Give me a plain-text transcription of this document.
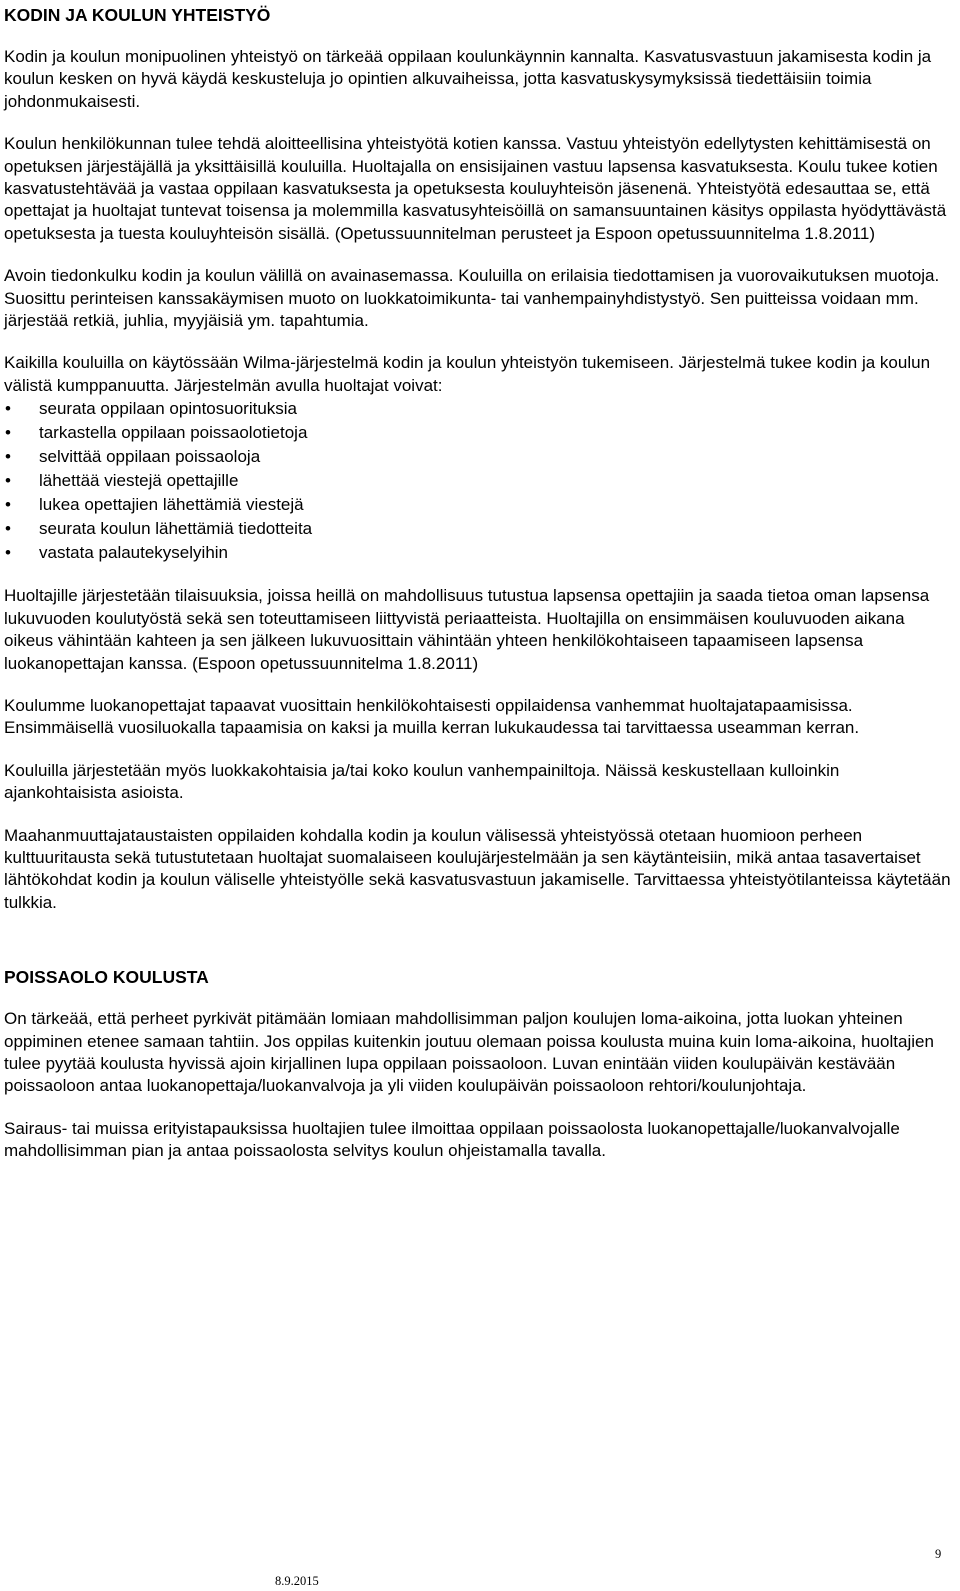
KODIN JA KOULUN YHTEISTYÖ

Kodin ja koulun monipuolinen yhteistyö on tärkeää oppilaan koulunkäynnin kannalta. Kasvatusvastuun jakamisesta kodin ja koulun kesken on hyvä käydä keskusteluja jo opintien alkuvaiheissa, jotta kasvatuskysymyksissä tiedettäisiin toimia johdonmukaisesti.

Koulun henkilökunnan tulee tehdä aloitteellisina yhteistyötä kotien kanssa. Vastuu yhteistyön edellytysten kehittämisestä on opetuksen järjestäjällä ja yksittäisillä kouluilla. Huoltajalla on ensisijainen vastuu lapsensa kasvatuksesta. Koulu tukee kotien kasvatustehtävää ja vastaa oppilaan kasvatuksesta ja opetuksesta kouluyhteisön jäsenenä. Yhteistyötä edesauttaa se, että opettajat ja huoltajat tuntevat toisensa ja molemmilla kasvatusyhteisöillä on samansuuntainen käsitys oppilasta hyödyttävästä opetuksesta ja tuesta kouluyhteisön sisällä. (Opetussuunnitelman perusteet ja Espoon opetussuunnitelma 1.8.2011)

Avoin tiedonkulku kodin ja koulun välillä on avainasemassa. Kouluilla on erilaisia tiedottamisen ja vuorovaikutuksen muotoja. Suosittu perinteisen kanssakäymisen muoto on luokkatoimikunta- tai vanhempainyhdistystyö. Sen puitteissa voidaan mm. järjestää retkiä, juhlia, myyjäisiä ym. tapahtumia.

Kaikilla kouluilla on käytössään Wilma-järjestelmä kodin ja koulun yhteistyön tukemiseen. Järjestelmä tukee kodin ja koulun välistä kumppanuutta. Järjestelmän avulla huoltajat voivat:

• seurata oppilaan opintosuorituksia
• tarkastella oppilaan poissaolotietoja
• selvittää oppilaan poissaoloja
• lähettää viestejä opettajille
• lukea opettajien lähettämiä viestejä
• seurata koulun lähettämiä tiedotteita
• vastata palautekyselyihin

Huoltajille järjestetään tilaisuuksia, joissa heillä on mahdollisuus tutustua lapsensa opettajiin ja saada tietoa oman lapsensa lukuvuoden koulutyöstä sekä sen toteuttamiseen liittyvistä periaatteista. Huoltajilla on ensimmäisen kouluvuoden aikana oikeus vähintään kahteen ja sen jälkeen lukuvuosittain vähintään yhteen henkilökohtaiseen tapaamiseen lapsensa luokanopettajan kanssa. (Espoon opetussuunnitelma 1.8.2011)

Koulumme luokanopettajat tapaavat vuosittain henkilökohtaisesti oppilaidensa vanhemmat huoltajatapaamisissa. Ensimmäisellä vuosiluokalla tapaamisia on kaksi ja muilla kerran lukukaudessa tai tarvittaessa useamman kerran.

Kouluilla järjestetään myös luokkakohtaisia ja/tai koko koulun vanhempainiltoja. Näissä keskustellaan kulloinkin ajankohtaisista asioista.

Maahanmuuttajataustaisten oppilaiden kohdalla kodin ja koulun välisessä yhteistyössä otetaan huomioon perheen kulttuuritausta sekä tutustutetaan huoltajat suomalaiseen koulujärjestelmään ja sen käytänteisiin, mikä antaa tasavertaiset lähtökohdat kodin ja koulun väliselle yhteistyölle sekä kasvatusvastuun jakamiselle. Tarvittaessa yhteistyötilanteissa käytetään tulkkia.

POISSAOLO KOULUSTA

On tärkeää, että perheet pyrkivät pitämään lomiaan mahdollisimman paljon koulujen loma-aikoina, jotta luokan yhteinen oppiminen etenee samaan tahtiin. Jos oppilas kuitenkin joutuu olemaan poissa koulusta muina kuin loma-aikoina, huoltajien tulee pyytää koulusta hyvissä ajoin kirjallinen lupa oppilaan poissaoloon. Luvan enintään viiden koulupäivän kestävään poissaoloon antaa luokanopettaja/luokanvalvoja ja yli viiden koulupäivän poissaoloon rehtori/koulunjohtaja.

Sairaus- tai muissa erityistapauksissa huoltajien tulee ilmoittaa oppilaan poissaolosta luokanopettajalle/luokanvalvojalle mahdollisimman pian ja antaa poissaolosta selvitys koulun ohjeistamalla tavalla.

8.9.2015
9
